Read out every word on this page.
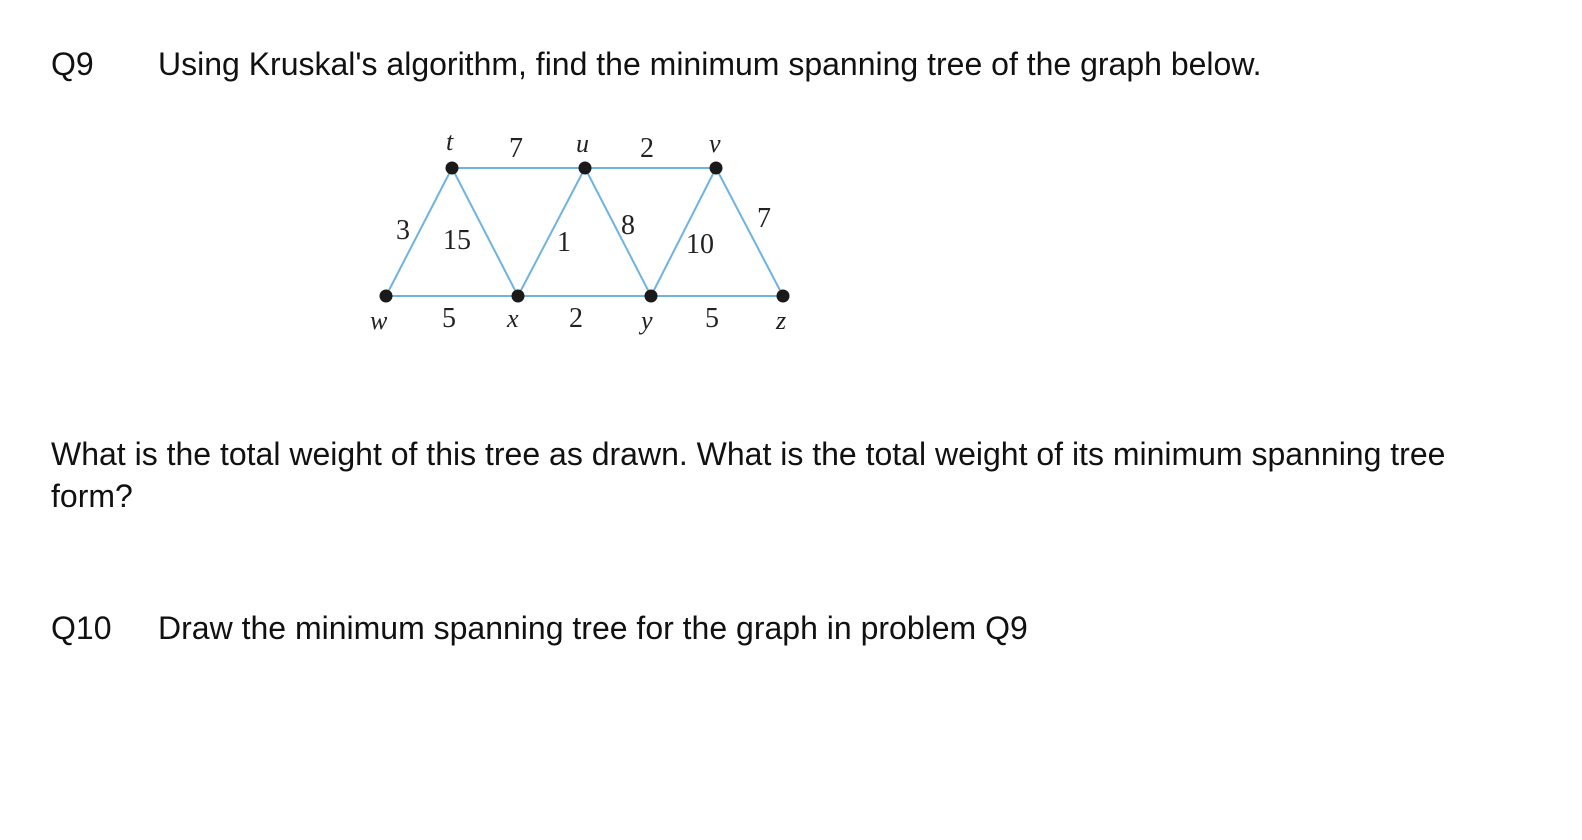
Q9 Using Kruskal's algorithm, find the minimum spanning tree of the graph below.
t	u	v
w	x	y	z
7	2
3 15	1
8
10
7
5	2	5
What is the total weight of this tree as drawn. What is the total weight of its minimum spanning tree form?
Q10 Draw the minimum spanning tree for the graph in problem Q9
